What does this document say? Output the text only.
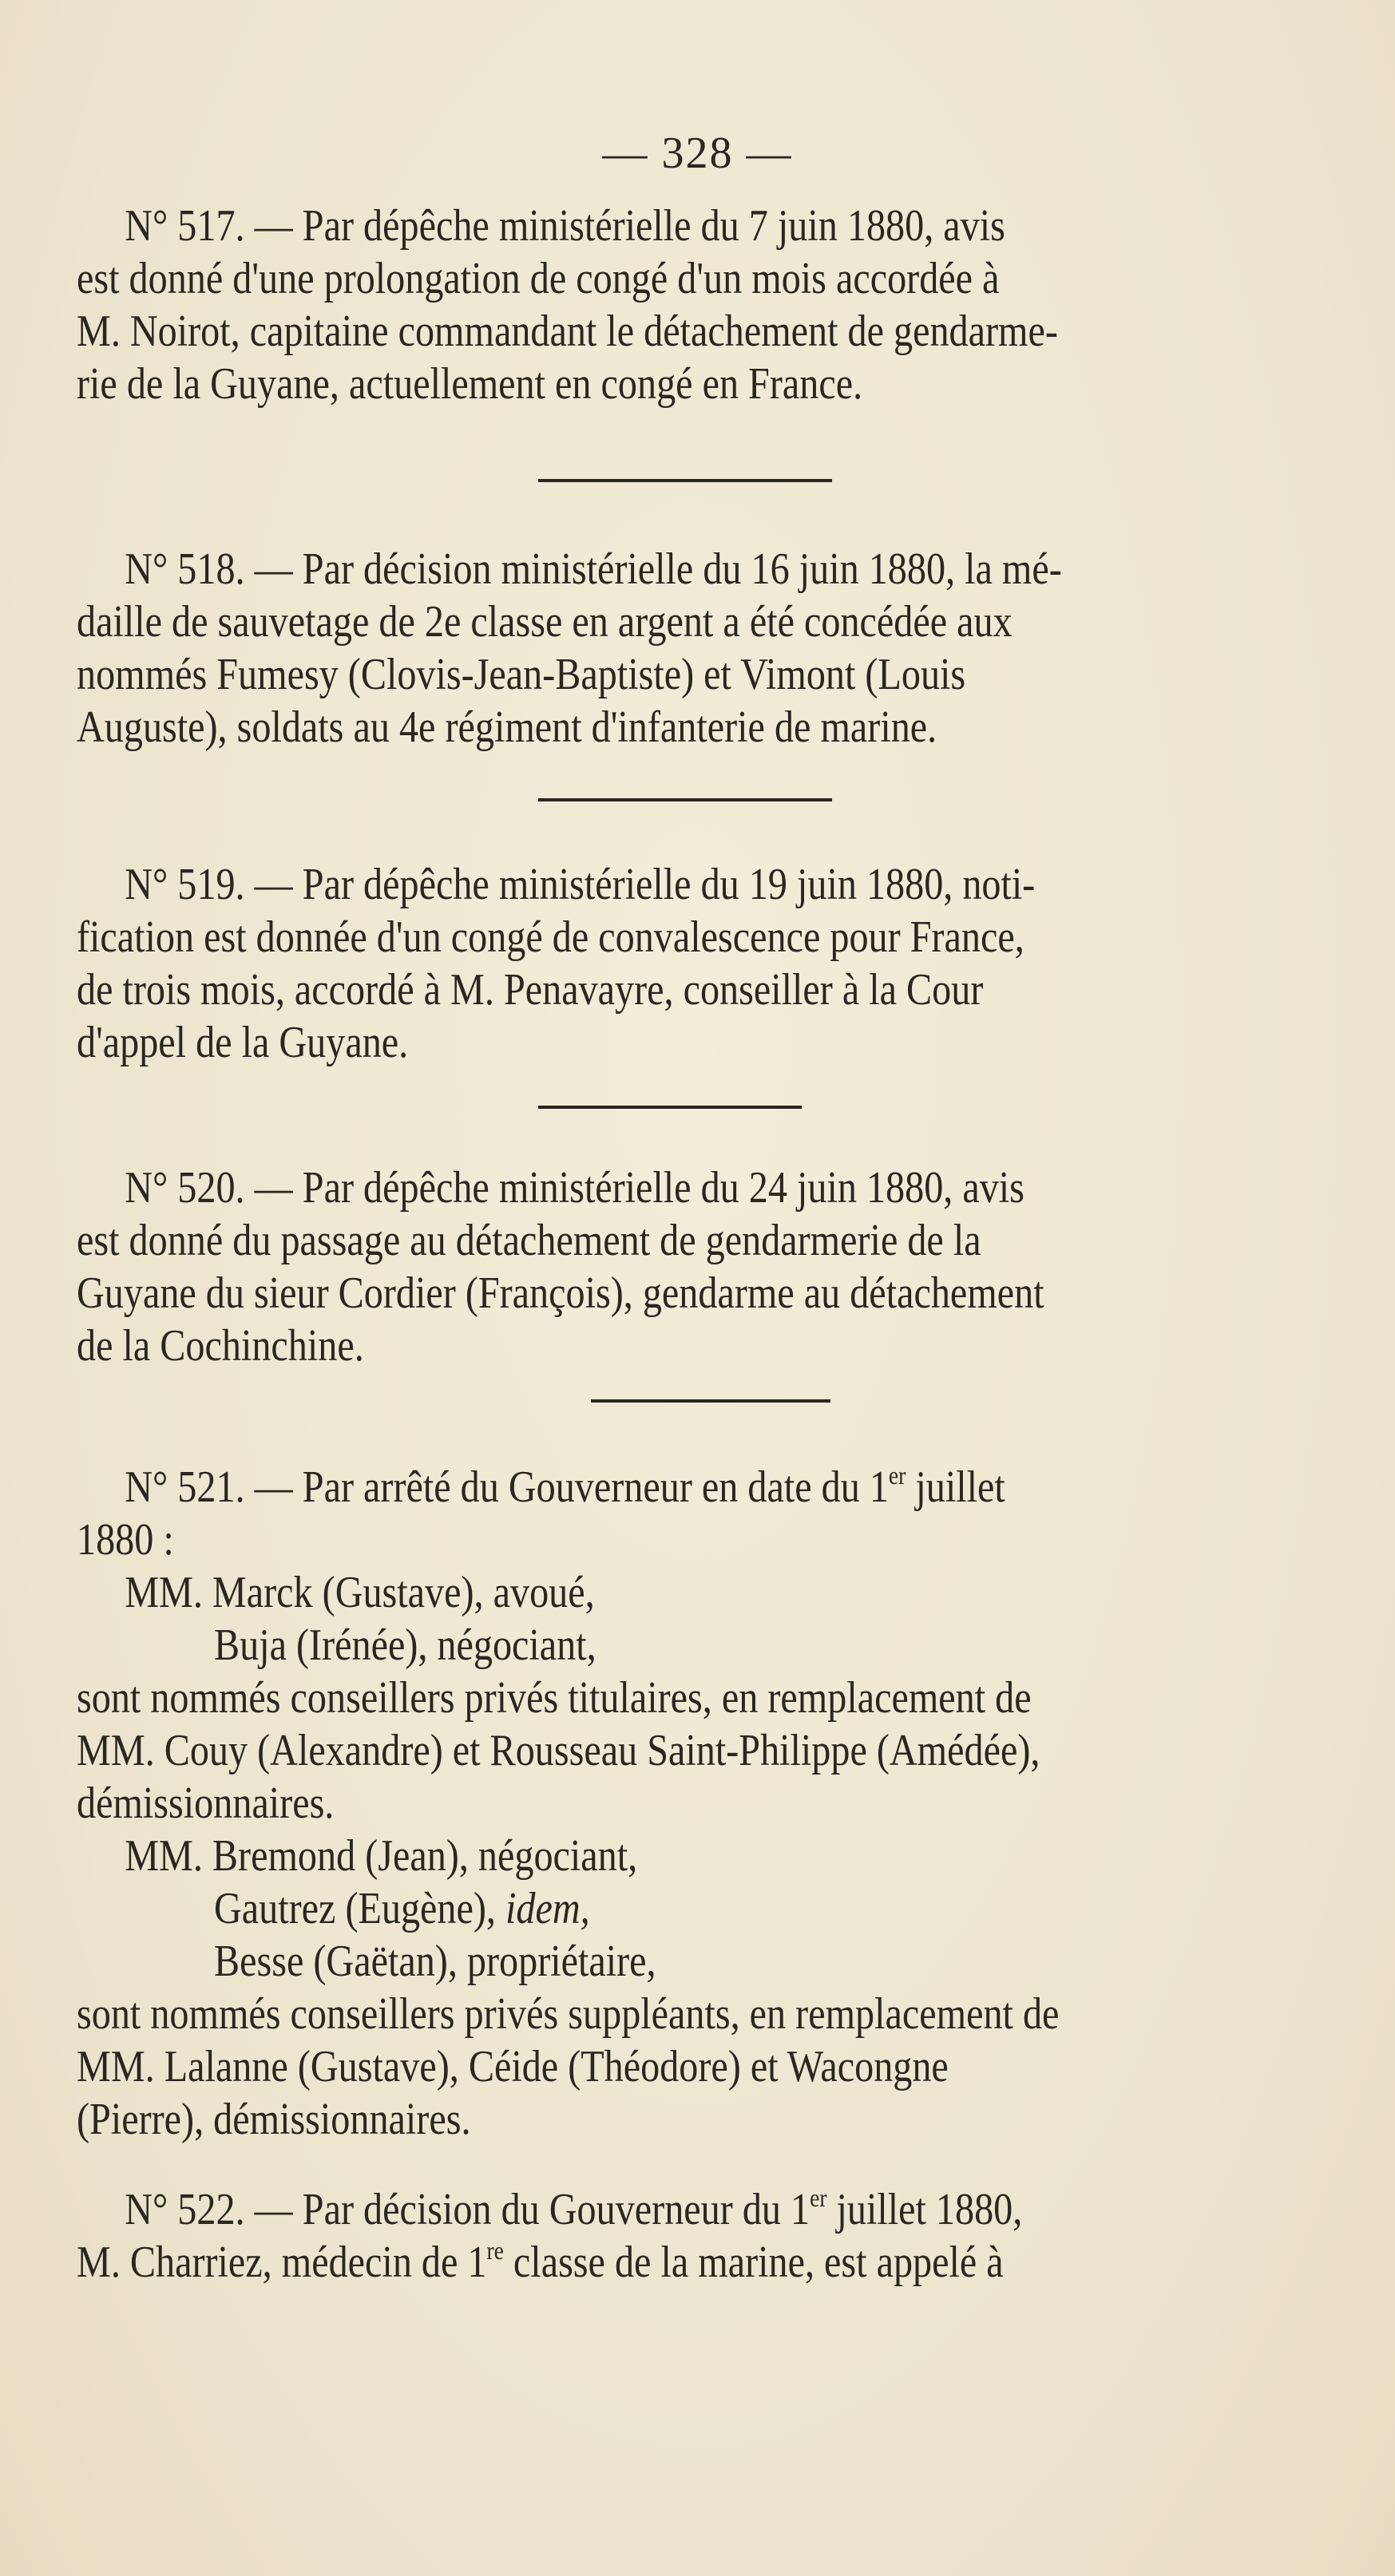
— 328 —
N° 517. — Par dépêche ministérielle du 7 juin 1880, avis
est donné d'une prolongation de congé d'un mois accordée à
M. Noirot, capitaine commandant le détachement de gendarme-
rie de la Guyane, actuellement en congé en France.
N° 518. — Par décision ministérielle du 16 juin 1880, la mé-
daille de sauvetage de 2e classe en argent a été concédée aux
nommés Fumesy (Clovis-Jean-Baptiste) et Vimont (Louis
Auguste), soldats au 4e régiment d'infanterie de marine.
N° 519. — Par dépêche ministérielle du 19 juin 1880, noti-
fication est donnée d'un congé de convalescence pour France,
de trois mois, accordé à M. Penavayre, conseiller à la Cour
d'appel de la Guyane.
N° 520. — Par dépêche ministérielle du 24 juin 1880, avis
est donné du passage au détachement de gendarmerie de la
Guyane du sieur Cordier (François), gendarme au détachement
de la Cochinchine.
N° 521. — Par arrêté du Gouverneur en date du 1er juillet
1880 :
MM. Marck (Gustave), avoué,
Buja (Irénée), négociant,
sont nommés conseillers privés titulaires, en remplacement de
MM. Couy (Alexandre) et Rousseau Saint-Philippe (Amédée),
démissionnaires.
MM. Bremond (Jean), négociant,
Gautrez (Eugène), idem,
Besse (Gaëtan), propriétaire,
sont nommés conseillers privés suppléants, en remplacement de
MM. Lalanne (Gustave), Céide (Théodore) et Wacongne
(Pierre), démissionnaires.
N° 522. — Par décision du Gouverneur du 1er juillet 1880,
M. Charriez, médecin de 1re classe de la marine, est appelé à
